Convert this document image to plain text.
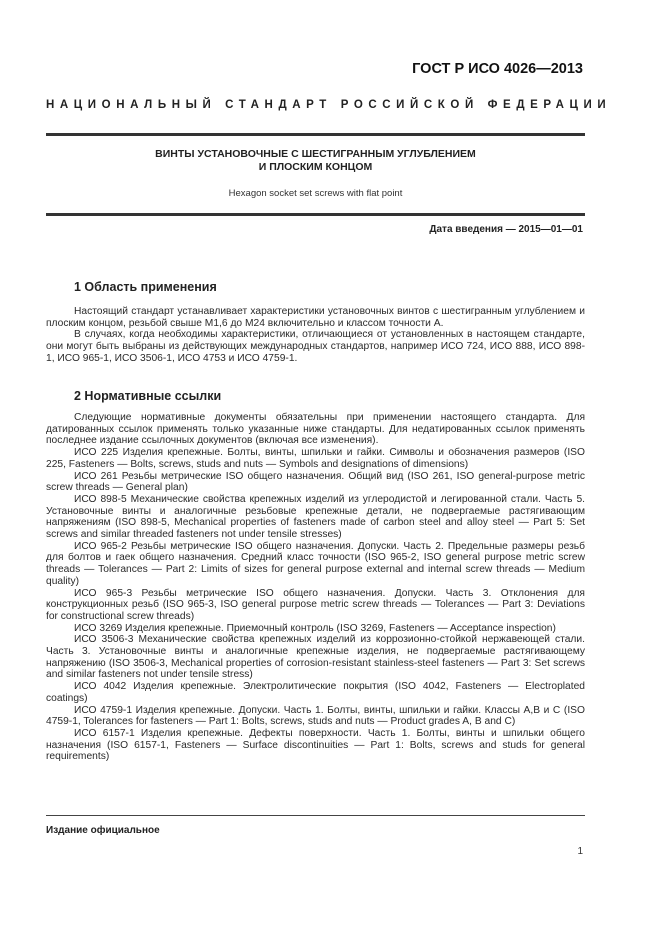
ГОСТ Р ИСО 4026—2013
НАЦИОНАЛЬНЫЙ СТАНДАРТ РОССИЙСКОЙ ФЕДЕРАЦИИ
ВИНТЫ УСТАНОВОЧНЫЕ С ШЕСТИГРАННЫМ УГЛУБЛЕНИЕМ
И ПЛОСКИМ КОНЦОМ
Hexagon socket set screws with flat point
Дата введения — 2015—01—01
1 Область применения

Настоящий стандарт устанавливает характеристики установочных винтов с шестигранным углублением и плоским концом, резьбой свыше М1,6 до М24 включительно и классом точности А.

В случаях, когда необходимы характеристики, отличающиеся от установленных в настоящем стандарте, они могут быть выбраны из действующих международных стандартов, например ИСО 724, ИСО 888, ИСО 898-1, ИСО 965-1, ИСО 3506-1, ИСО 4753 и ИСО 4759-1.

2 Нормативные ссылки

Следующие нормативные документы обязательны при применении настоящего стандарта. Для датированных ссылок применять только указанные ниже стандарты. Для недатированных ссылок применять последнее издание ссылочных документов (включая все изменения).

ИСО 225 Изделия крепежные. Болты, винты, шпильки и гайки. Символы и обозначения размеров (ISO 225, Fasteners — Bolts, screws, studs and nuts — Symbols and designations of dimensions)

ИСО 261 Резьбы метрические ISO общего назначения. Общий вид (ISO 261, ISO general-purpose metric screw threads — General plan)

ИСО 898-5 Механические свойства крепежных изделий из углеродистой и легированной стали. Часть 5. Установочные винты и аналогичные резьбовые крепежные детали, не подвергаемые растягивающим напряжениям (ISO 898-5, Mechanical properties of fasteners made of carbon steel and alloy steel — Part 5: Set screws and similar threaded fasteners not under tensile stresses)

ИСО 965-2 Резьбы метрические ISO общего назначения. Допуски. Часть 2. Предельные размеры резьб для болтов и гаек общего назначения. Средний класс точности (ISO 965-2, ISO general purpose metric screw threads — Tolerances — Part 2: Limits of sizes for general purpose external and internal screw threads — Medium quality)

ИСО 965-3 Резьбы метрические ISO общего назначения. Допуски. Часть 3. Отклонения для конструкционных резьб (ISO 965-3, ISO general purpose metric screw threads — Tolerances — Part 3: Deviations for constructional screw threads)

ИСО 3269 Изделия крепежные. Приемочный контроль (ISO 3269, Fasteners — Acceptance inspection)

ИСО 3506-3 Механические свойства крепежных изделий из коррозионно-стойкой нержавеющей стали. Часть 3. Установочные винты и аналогичные крепежные изделия, не подвергаемые растягивающему напряжению (ISO 3506-3, Mechanical properties of corrosion-resistant stainless-steel fasteners — Part 3: Set screws and similar fasteners not under tensile stress)

ИСО 4042 Изделия крепежные. Электролитические покрытия (ISO 4042, Fasteners — Electroplated coatings)

ИСО 4759-1 Изделия крепежные. Допуски. Часть 1. Болты, винты, шпильки и гайки. Классы А,В и С (ISO 4759-1, Tolerances for fasteners — Part 1: Bolts, screws, studs and nuts — Product grades A, B and C)

ИСО 6157-1 Изделия крепежные. Дефекты поверхности. Часть 1. Болты, винты и шпильки общего назначения (ISO 6157-1, Fasteners — Surface discontinuities — Part 1: Bolts, screws and studs for general requirements)

Издание официальное
1
